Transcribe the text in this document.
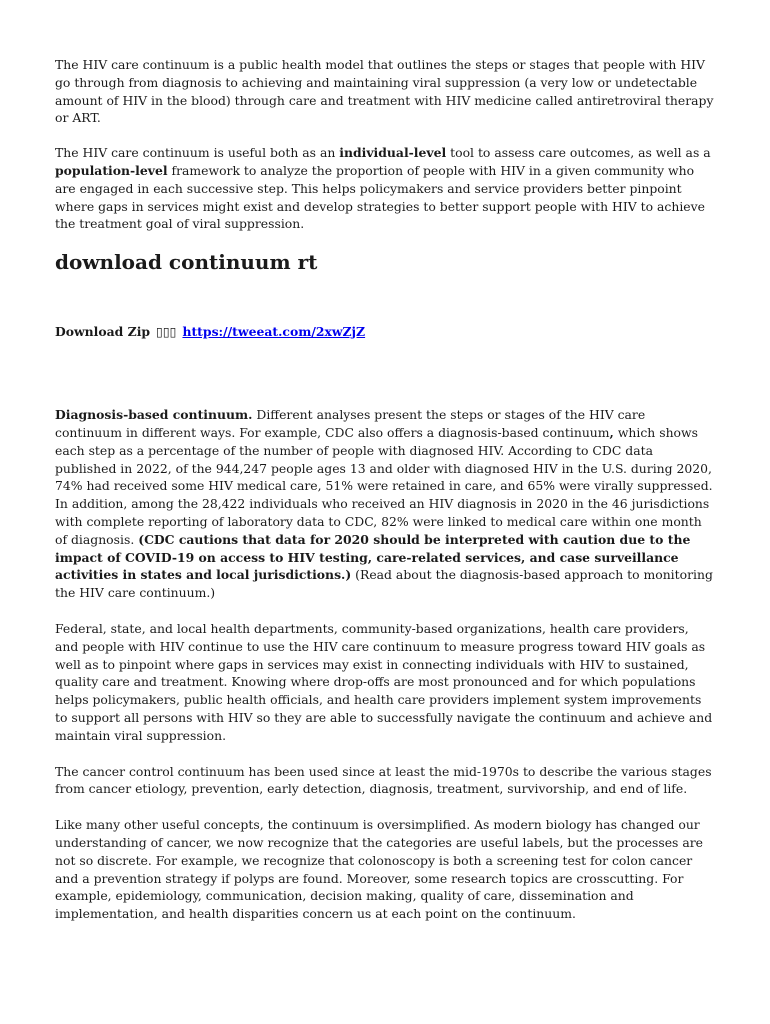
The HIV care continuum is a public health model that outlines the steps or stages that people with HIV go through from diagnosis to achieving and maintaining viral suppression (a very low or undetectable amount of HIV in the blood) through care and treatment with HIV medicine called antiretroviral therapy or ART.

The HIV care continuum is useful both as an individual-level tool to assess care outcomes, as well as a population-level framework to analyze the proportion of people with HIV in a given community who are engaged in each successive step. This helps policymakers and service providers better pinpoint where gaps in services might exist and develop strategies to better support people with HIV to achieve the treatment goal of viral suppression.

download continuum rt
Download Zip ▯▯▯ https://tweeat.com/2xwZjZ

Diagnosis-based continuum. Different analyses present the steps or stages of the HIV care continuum in different ways. For example, CDC also offers a diagnosis-based continuum, which shows each step as a percentage of the number of people with diagnosed HIV. According to CDC data published in 2022, of the 944,247 people ages 13 and older with diagnosed HIV in the U.S. during 2020, 74% had received some HIV medical care, 51% were retained in care, and 65% were virally suppressed. In addition, among the 28,422 individuals who received an HIV diagnosis in 2020 in the 46 jurisdictions with complete reporting of laboratory data to CDC, 82% were linked to medical care within one month of diagnosis. (CDC cautions that data for 2020 should be interpreted with caution due to the impact of COVID-19 on access to HIV testing, care-related services, and case surveillance activities in states and local jurisdictions.) (Read about the diagnosis-based approach to monitoring the HIV care continuum.)

Federal, state, and local health departments, community-based organizations, health care providers, and people with HIV continue to use the HIV care continuum to measure progress toward HIV goals as well as to pinpoint where gaps in services may exist in connecting individuals with HIV to sustained, quality care and treatment. Knowing where drop-offs are most pronounced and for which populations helps policymakers, public health officials, and health care providers implement system improvements to support all persons with HIV so they are able to successfully navigate the continuum and achieve and maintain viral suppression.

The cancer control continuum has been used since at least the mid-1970s to describe the various stages from cancer etiology, prevention, early detection, diagnosis, treatment, survivorship, and end of life.

Like many other useful concepts, the continuum is oversimplified. As modern biology has changed our understanding of cancer, we now recognize that the categories are useful labels, but the processes are not so discrete. For example, we recognize that colonoscopy is both a screening test for colon cancer and a prevention strategy if polyps are found. Moreover, some research topics are crosscutting. For example, epidemiology, communication, decision making, quality of care, dissemination and implementation, and health disparities concern us at each point on the continuum.
